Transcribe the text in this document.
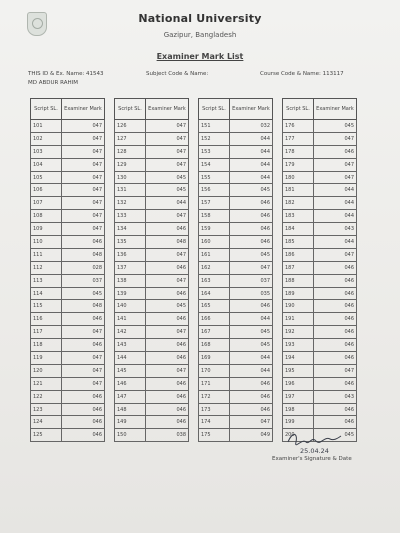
National University
Gazipur, Bangladesh
Examiner Mark List
THIS ID & Ex. Name: 41543	Subject Code & Name:	Course Code & Name: 113117
MD ABDUR RAHIM
Script SL.	Examiner Mark
101	047
102	047
103	047
104	047
105	047
106	047
107	047
108	047
109	047
110	046
111	048
112	028
113	037
114	045
115	048
116	046
117	047
118	046
119	047
120	047
121	047
122	046
123	046
124	046
125	046
Script SL.	Examiner Mark
126	047
127	047
128	047
129	047
130	045
131	045
132	044
133	047
134	046
135	048
136	047
137	046
138	047
139	046
140	045
141	046
142	047
143	046
144	046
145	047
146	046
147	046
148	046
149	046
150	038
Script SL.	Examiner Mark
151	032
152	044
153	044
154	044
155	044
156	045
157	046
158	046
159	046
160	046
161	045
162	047
163	037
164	035
165	046
166	044
167	045
168	045
169	044
170	044
171	046
172	046
173	046
174	047
175	049
Script SL.	Examiner Mark
176	045
177	047
178	046
179	047
180	047
181	044
182	044
183	044
184	043
185	044
186	047
187	046
188	046
189	046
190	046
191	046
192	046
193	046
194	046
195	047
196	046
197	043
198	046
199	046
200	045
25.04.24
Examiner's Signature & Date
